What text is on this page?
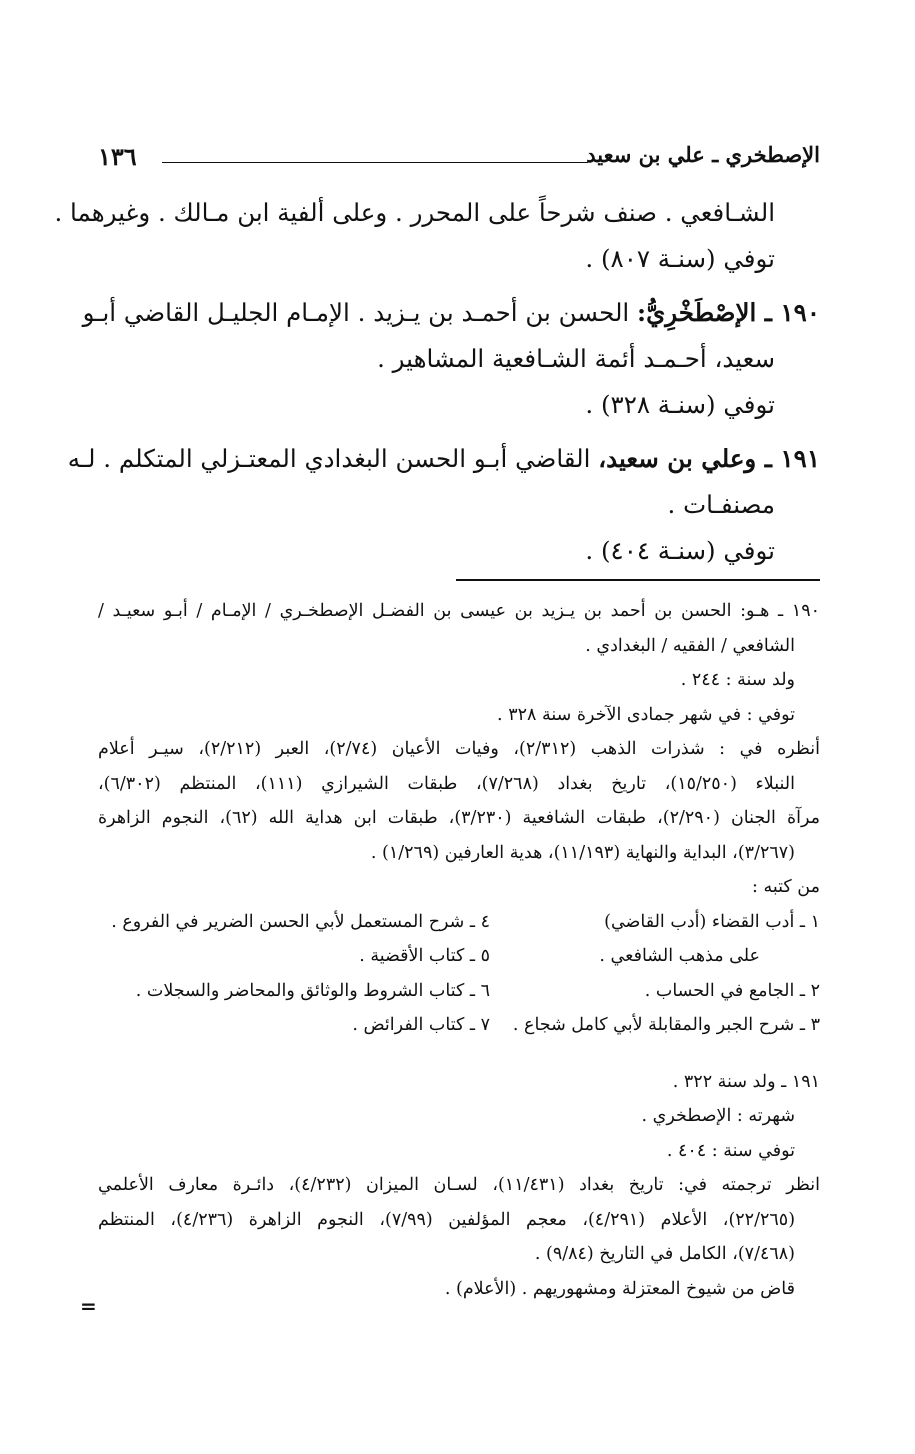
الإصطخري ـ علي بن سعيد
١٣٦
الشـافعي . صنف شرحاً على المحرر . وعلى ألفية ابن مـالك . وغيرهما .
توفي (سنـة ٨٠٧) .
١٩٠ ـ الإصْطَخْرِيُّ: الحسن بن أحمـد بن يـزيد . الإمـام الجليـل القاضي أبـو
سعيد، أحـمـد أئمة الشـافعية المشاهير .
توفي (سنـة ٣٢٨) .
١٩١ ـ وعلي بن سعيد، القاضي أبـو الحسن البغدادي المعتـزلي المتكلم . لـه
مصنفـات .
توفي (سنـة ٤٠٤) .
١٩٠ ـ هـو: الحسن بن أحمد بن يـزيد بن عيسى بن الفضـل الإصطخـري / الإمـام / أبـو سعيـد /
الشافعي / الفقيه / البغدادي .
ولد سنة : ٢٤٤ .
توفي : في شهر جمادى الآخرة سنة ٣٢٨ .
أنظره في : شذرات الذهب (٢/٣١٢)، وفيات الأعيان (٢/٧٤)، العبر (٢/٢١٢)، سيـر أعلام
النبلاء (١٥/٢٥٠)، تاريخ بغداد (٧/٢٦٨)، طبقات الشيرازي (١١١)، المنتظم (٦/٣٠٢)،
مرآة الجنان (٢/٢٩٠)، طبقات الشافعية (٣/٢٣٠)، طبقات ابن هداية الله (٦٢)، النجوم الزاهرة
(٣/٢٦٧)، البداية والنهاية (١١/١٩٣)، هدية العارفين (١/٢٦٩) .
من كتبه :
١ ـ أدب القضاء (أدب القاضي)
على مذهب الشافعي .
٢ ـ الجامع في الحساب .
٣ ـ شرح الجبر والمقابلة لأبي كامل شجاع .
٤ ـ شرح المستعمل لأبي الحسن الضرير في الفروع .
٥ ـ كتاب الأقضية .
٦ ـ كتاب الشروط والوثائق والمحاضر والسجلات .
٧ ـ كتاب الفرائض .
١٩١ ـ ولد سنة ٣٢٢ .
شهرته : الإصطخري .
توفي سنة : ٤٠٤ .
انظر ترجمته في: تاريخ بغداد (١١/٤٣١)، لسـان الميزان (٤/٢٣٢)، دائـرة معارف الأعلمي
(٢٢/٢٦٥)، الأعلام (٤/٢٩١)، معجم المؤلفين (٧/٩٩)، النجوم الزاهرة (٤/٢٣٦)، المنتظم
(٧/٤٦٨)، الكامل في التاريخ (٩/٨٤) .
قاض من شيوخ المعتزلة ومشهوريهم . (الأعلام) .
=
